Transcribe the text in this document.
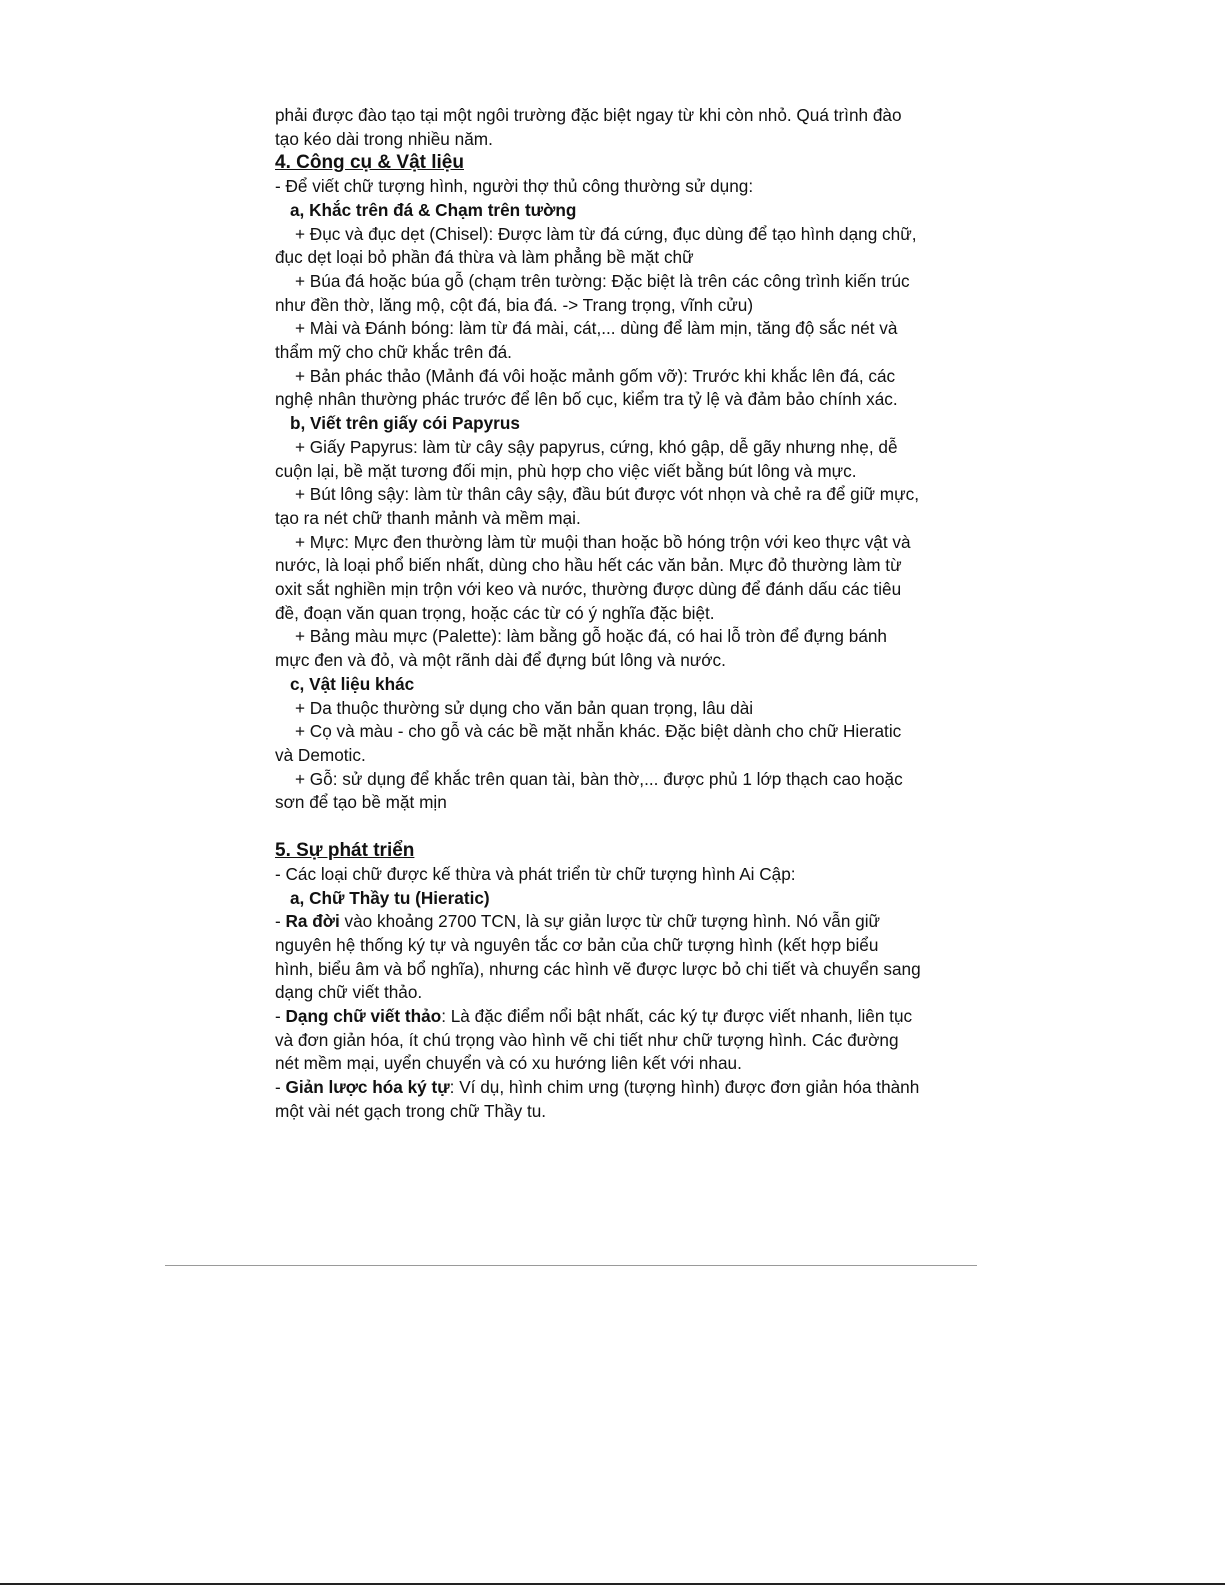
phải được đào tạo tại một ngôi trường đặc biệt ngay từ khi còn nhỏ. Quá trình đào
tạo kéo dài trong nhiều năm.
4. Công cụ & Vật liệu
- Để viết chữ tượng hình, người thợ thủ công thường sử dụng:
a, Khắc trên đá & Chạm trên tường
+ Đục và đục dẹt (Chisel): Được làm từ đá cứng, đục dùng để tạo hình dạng chữ,
đục dẹt loại bỏ phần đá thừa và làm phẳng bề mặt chữ
+ Búa đá hoặc búa gỗ (chạm trên tường: Đặc biệt là trên các công trình kiến trúc
như đền thờ, lăng mộ, cột đá, bia đá. -> Trang trọng, vĩnh cửu)
+ Mài và Đánh bóng: làm từ đá mài, cát,... dùng để làm mịn, tăng độ sắc nét và
thẩm mỹ cho chữ khắc trên đá.
+ Bản phác thảo (Mảnh đá vôi hoặc mảnh gốm vỡ): Trước khi khắc lên đá, các
nghệ nhân thường phác trước để lên bố cục, kiểm tra tỷ lệ và đảm bảo chính xác.
b, Viết trên giấy cói Papyrus
+ Giấy Papyrus: làm từ cây sậy papyrus, cứng, khó gập, dễ gãy nhưng nhẹ, dễ
cuộn lại, bề mặt tương đối mịn, phù hợp cho việc viết bằng bút lông và mực.
+ Bút lông sậy: làm từ thân cây sậy, đầu bút được vót nhọn và chẻ ra để giữ mực,
tạo ra nét chữ thanh mảnh và mềm mại.
+ Mực: Mực đen thường làm từ muội than hoặc bồ hóng trộn với keo thực vật và
nước, là loại phổ biến nhất, dùng cho hầu hết các văn bản. Mực đỏ thường làm từ
oxit sắt nghiền mịn trộn với keo và nước, thường được dùng để đánh dấu các tiêu
đề, đoạn văn quan trọng, hoặc các từ có ý nghĩa đặc biệt.
+ Bảng màu mực (Palette): làm bằng gỗ hoặc đá, có hai lỗ tròn để đựng bánh
mực đen và đỏ, và một rãnh dài để đựng bút lông và nước.
c, Vật liệu khác
+ Da thuộc thường sử dụng cho văn bản quan trọng, lâu dài
+ Cọ và màu - cho gỗ và các bề mặt nhẵn khác. Đặc biệt dành cho chữ Hieratic
và Demotic.
+ Gỗ: sử dụng để khắc trên quan tài, bàn thờ,... được phủ 1 lớp thạch cao hoặc
sơn để tạo bề mặt mịn
5. Sự phát triển
- Các loại chữ được kế thừa và phát triển từ chữ tượng hình Ai Cập:
a, Chữ Thầy tu (Hieratic)
- Ra đời vào khoảng 2700 TCN, là sự giản lược từ chữ tượng hình. Nó vẫn giữ
nguyên hệ thống ký tự và nguyên tắc cơ bản của chữ tượng hình (kết hợp biểu
hình, biểu âm và bổ nghĩa), nhưng các hình vẽ được lược bỏ chi tiết và chuyển sang
dạng chữ viết thảo.
- Dạng chữ viết thảo: Là đặc điểm nổi bật nhất, các ký tự được viết nhanh, liên tục
và đơn giản hóa, ít chú trọng vào hình vẽ chi tiết như chữ tượng hình. Các đường
nét mềm mại, uyển chuyển và có xu hướng liên kết với nhau.
- Giản lược hóa ký tự: Ví dụ, hình chim ưng (tượng hình) được đơn giản hóa thành
một vài nét gạch trong chữ Thầy tu.
